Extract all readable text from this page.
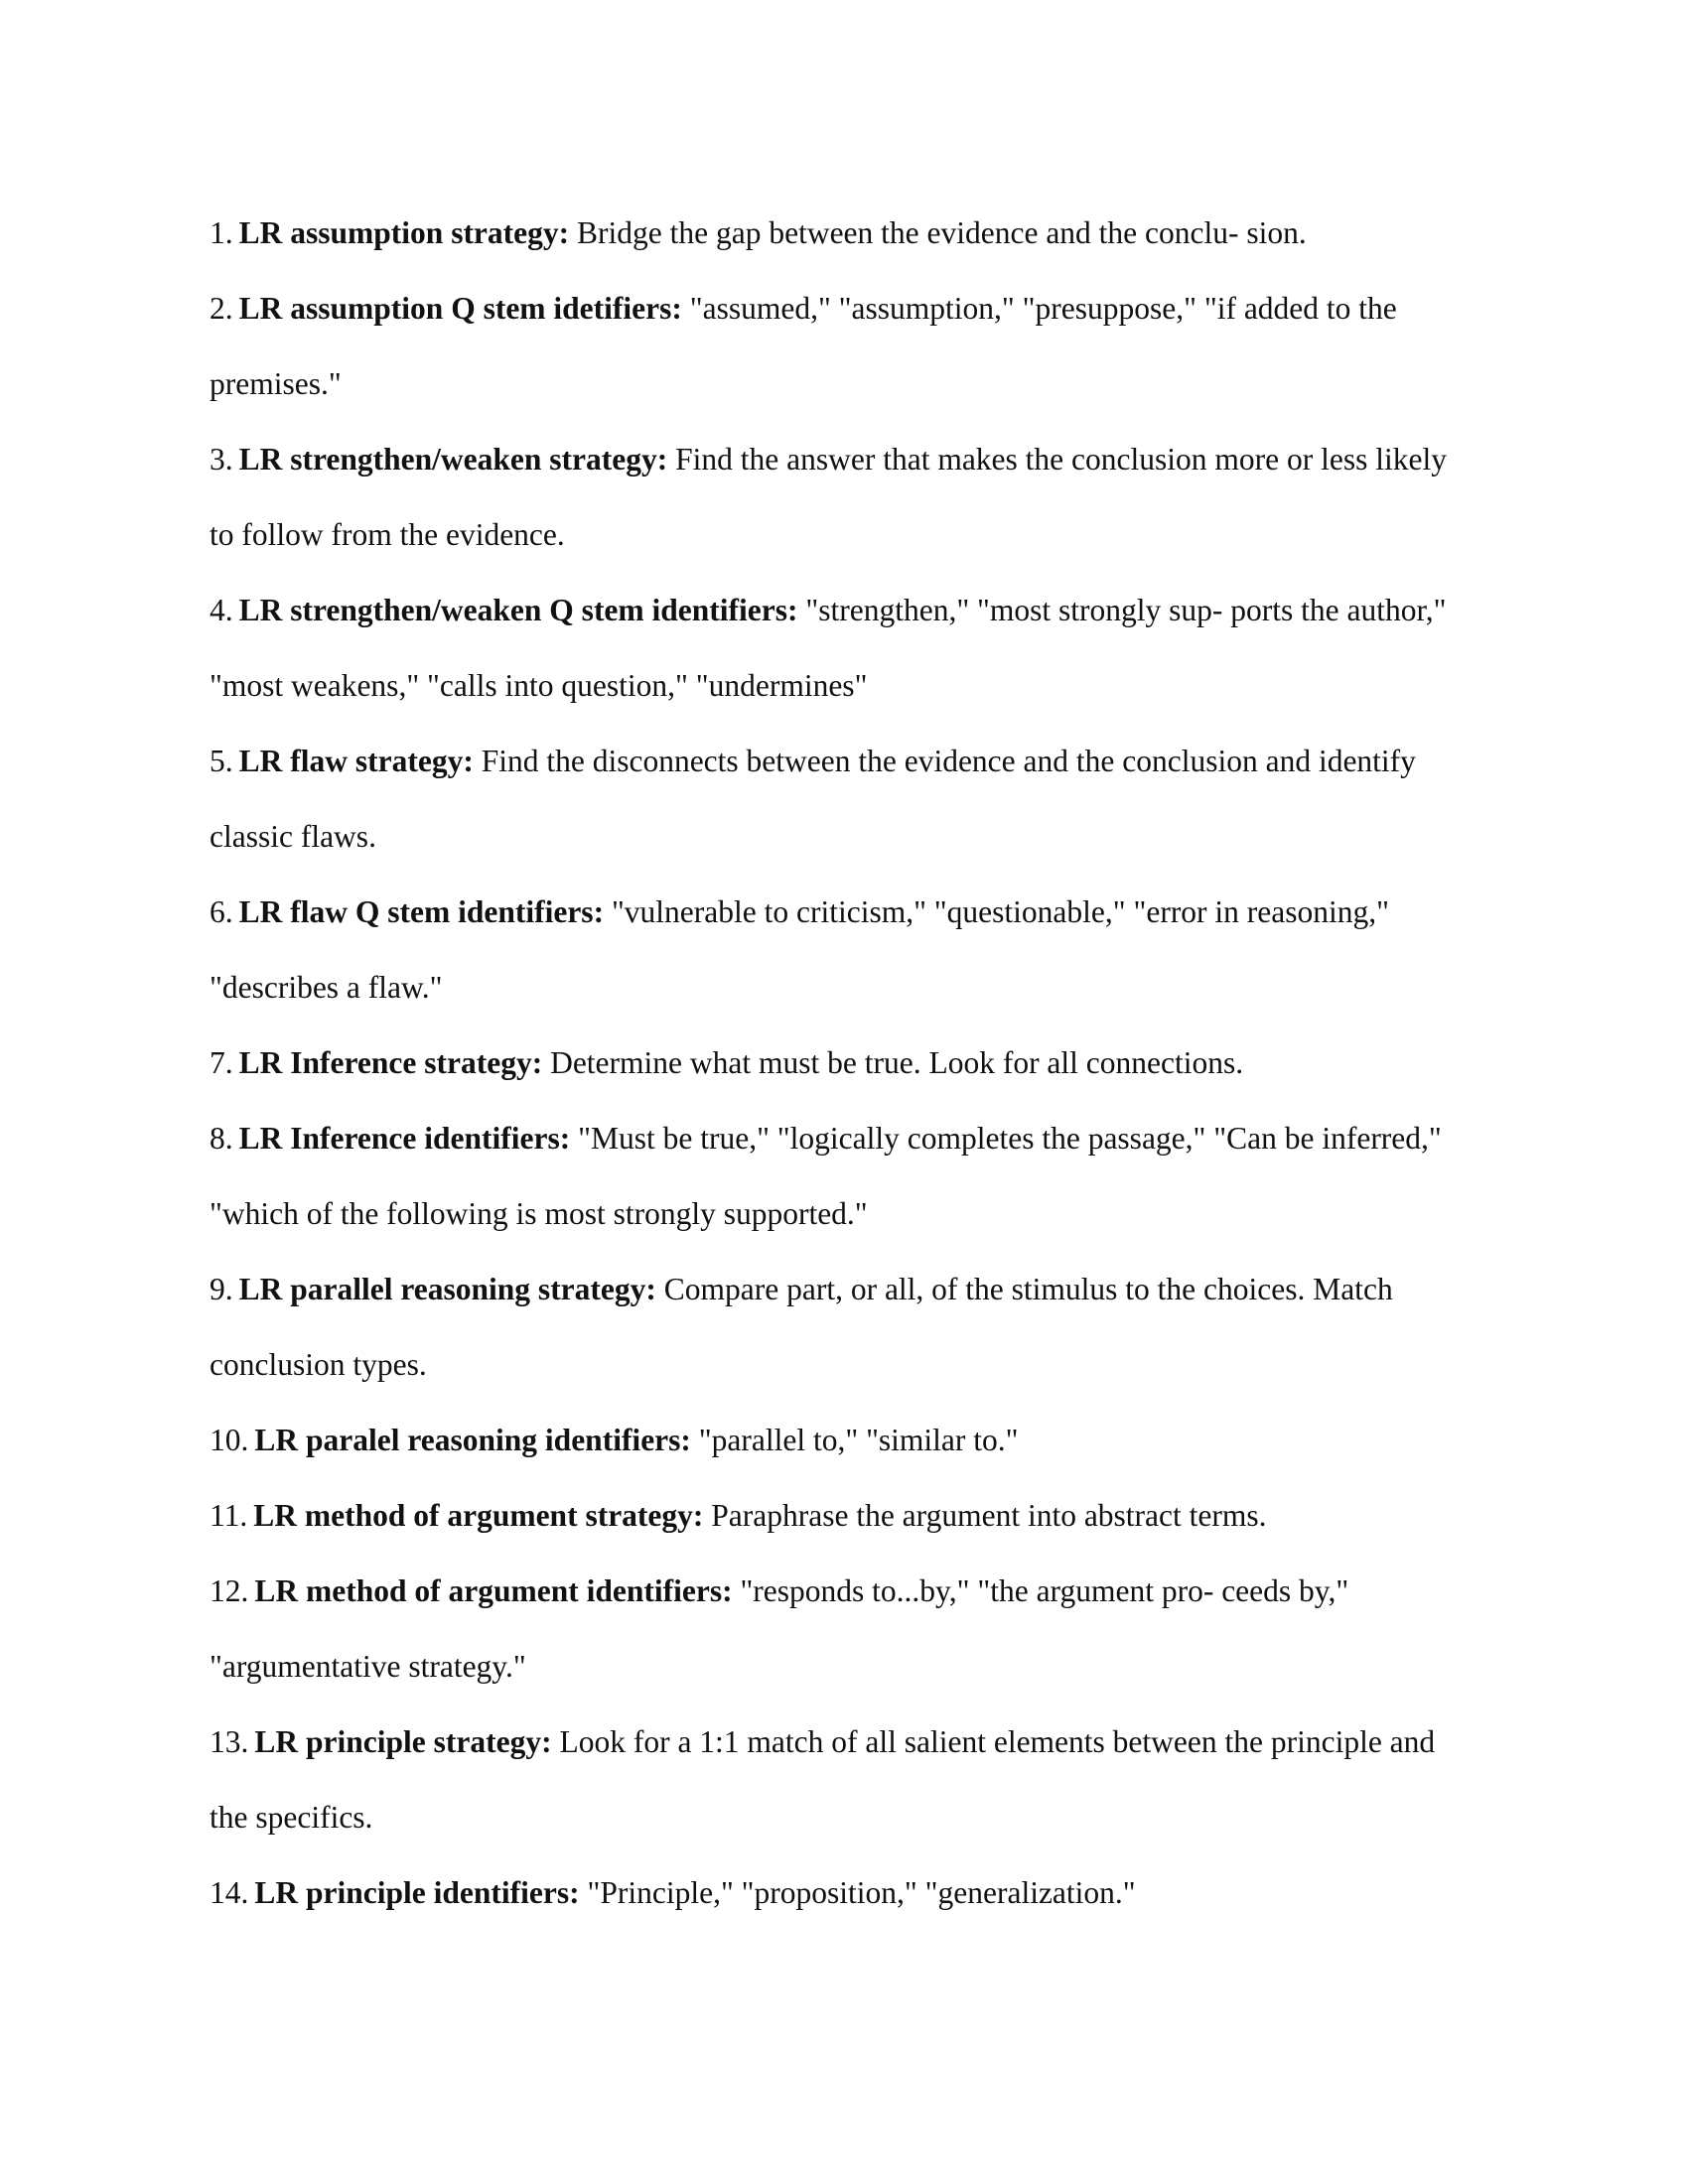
1. LR assumption strategy: Bridge the gap between the evidence and the conclu- sion.

2. LR assumption Q stem idetifiers: "assumed," "assumption," "presuppose," "if added to the premises."

3. LR strengthen/weaken strategy: Find the answer that makes the conclusion more or less likely to follow from the evidence.

4. LR strengthen/weaken Q stem identifiers: "strengthen," "most strongly sup- ports the author," "most weakens," "calls into question," "undermines"

5. LR flaw strategy: Find the disconnects between the evidence and the conclusion and identify classic flaws.

6. LR flaw Q stem identifiers: "vulnerable to criticism," "questionable," "error in reasoning," "describes a flaw."

7. LR Inference strategy: Determine what must be true. Look for all connections.

8. LR Inference identifiers: "Must be true," "logically completes the passage," "Can be inferred," "which of the following is most strongly supported."

9. LR parallel reasoning strategy: Compare part, or all, of the stimulus to the choices. Match conclusion types.

10. LR paralel reasoning identifiers: "parallel to," "similar to."

11. LR method of argument strategy: Paraphrase the argument into abstract terms.

12. LR method of argument identifiers: "responds to...by," "the argument pro- ceeds by," "argumentative strategy."

13. LR principle strategy: Look for a 1:1 match of all salient elements between the principle and the specifics.

14. LR principle identifiers: "Principle," "proposition," "generalization."
